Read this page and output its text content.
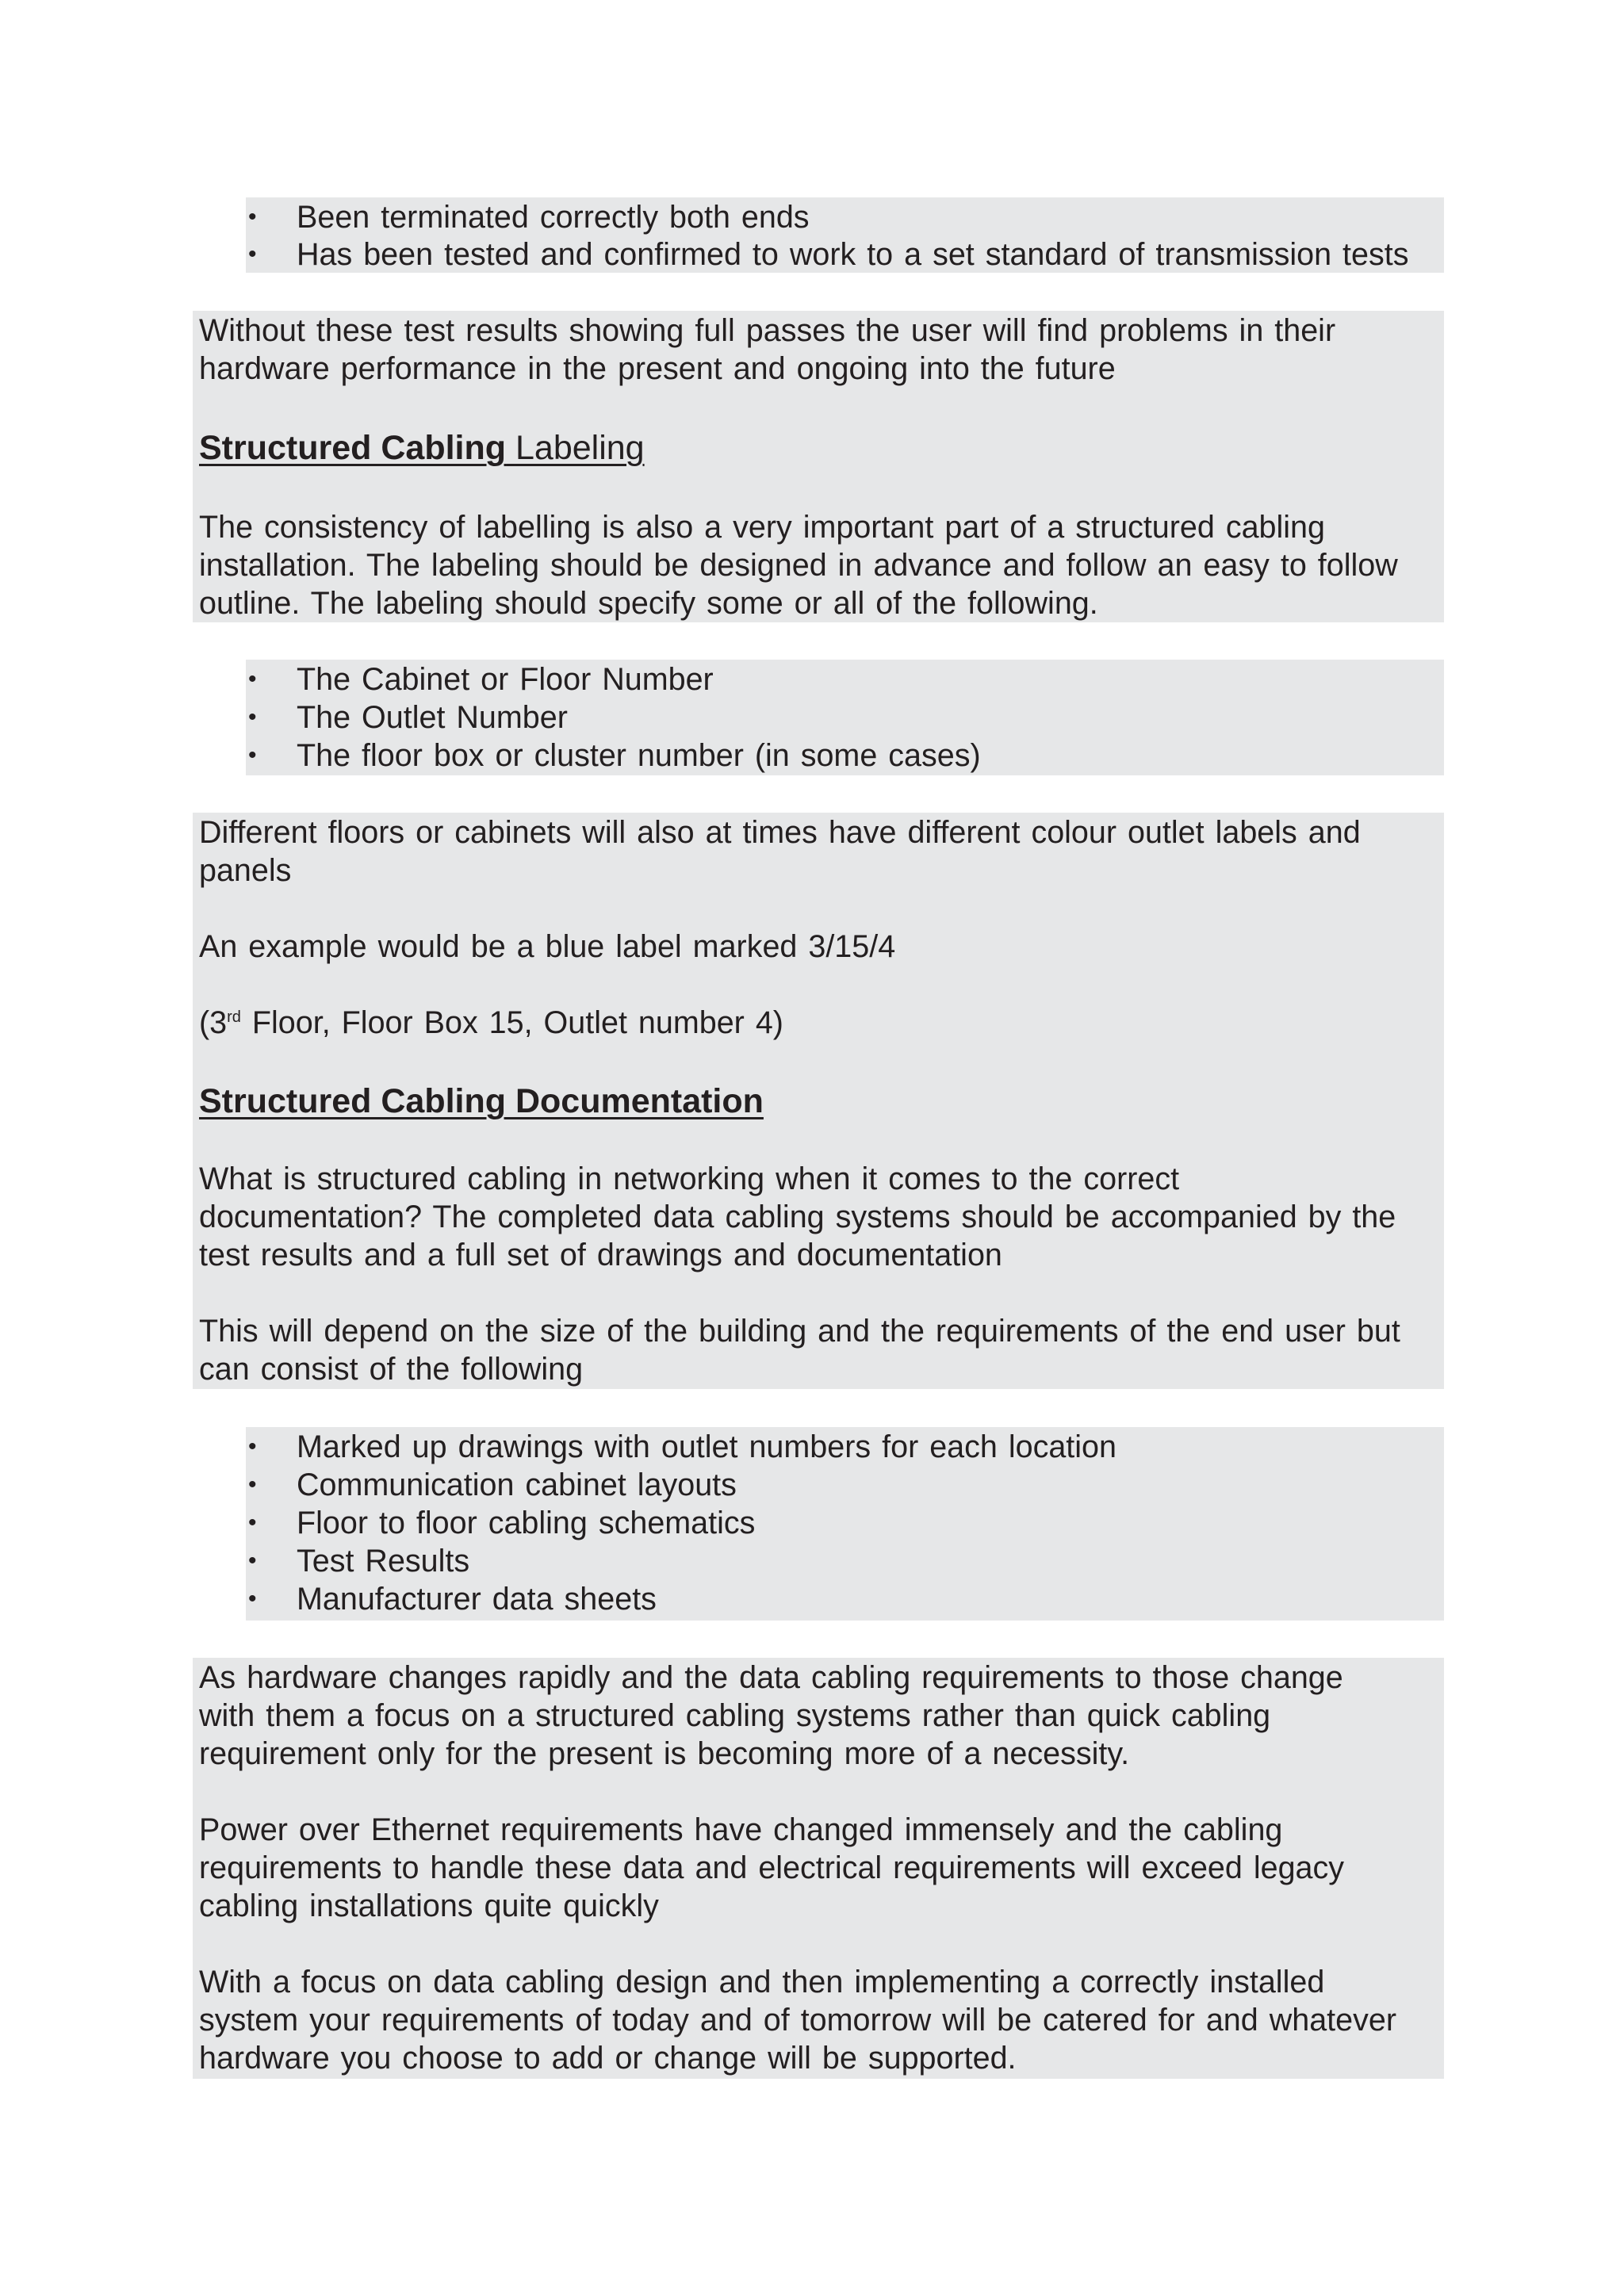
• Been terminated correctly both ends
• Has been tested and confirmed to work to a set standard of transmission tests
Without these test results showing full passes the user will find problems in their
hardware performance in the present and ongoing into the future
Structured Cabling Labeling
The consistency of labelling is also a very important part of a structured cabling
installation. The labeling should be designed in advance and follow an easy to follow
outline. The labeling should specify some or all of the following.
• The Cabinet or Floor Number
• The Outlet Number
• The floor box or cluster number (in some cases)
Different floors or cabinets will also at times have different colour outlet labels and
panels
An example would be a blue label marked 3/15/4
(3rd Floor, Floor Box 15, Outlet number 4)
Structured Cabling Documentation
What is structured cabling in networking when it comes to the correct
documentation? The completed data cabling systems should be accompanied by the
test results and a full set of drawings and documentation
This will depend on the size of the building and the requirements of the end user but
can consist of the following
• Marked up drawings with outlet numbers for each location
• Communication cabinet layouts
• Floor to floor cabling schematics
• Test Results
• Manufacturer data sheets
As hardware changes rapidly and the data cabling requirements to those change
with them a focus on a structured cabling systems rather than quick cabling
requirement only for the present is becoming more of a necessity.
Power over Ethernet requirements have changed immensely and the cabling
requirements to handle these data and electrical requirements will exceed legacy
cabling installations quite quickly
With a focus on data cabling design and then implementing a correctly installed
system your requirements of today and of tomorrow will be catered for and whatever
hardware you choose to add or change will be supported.
